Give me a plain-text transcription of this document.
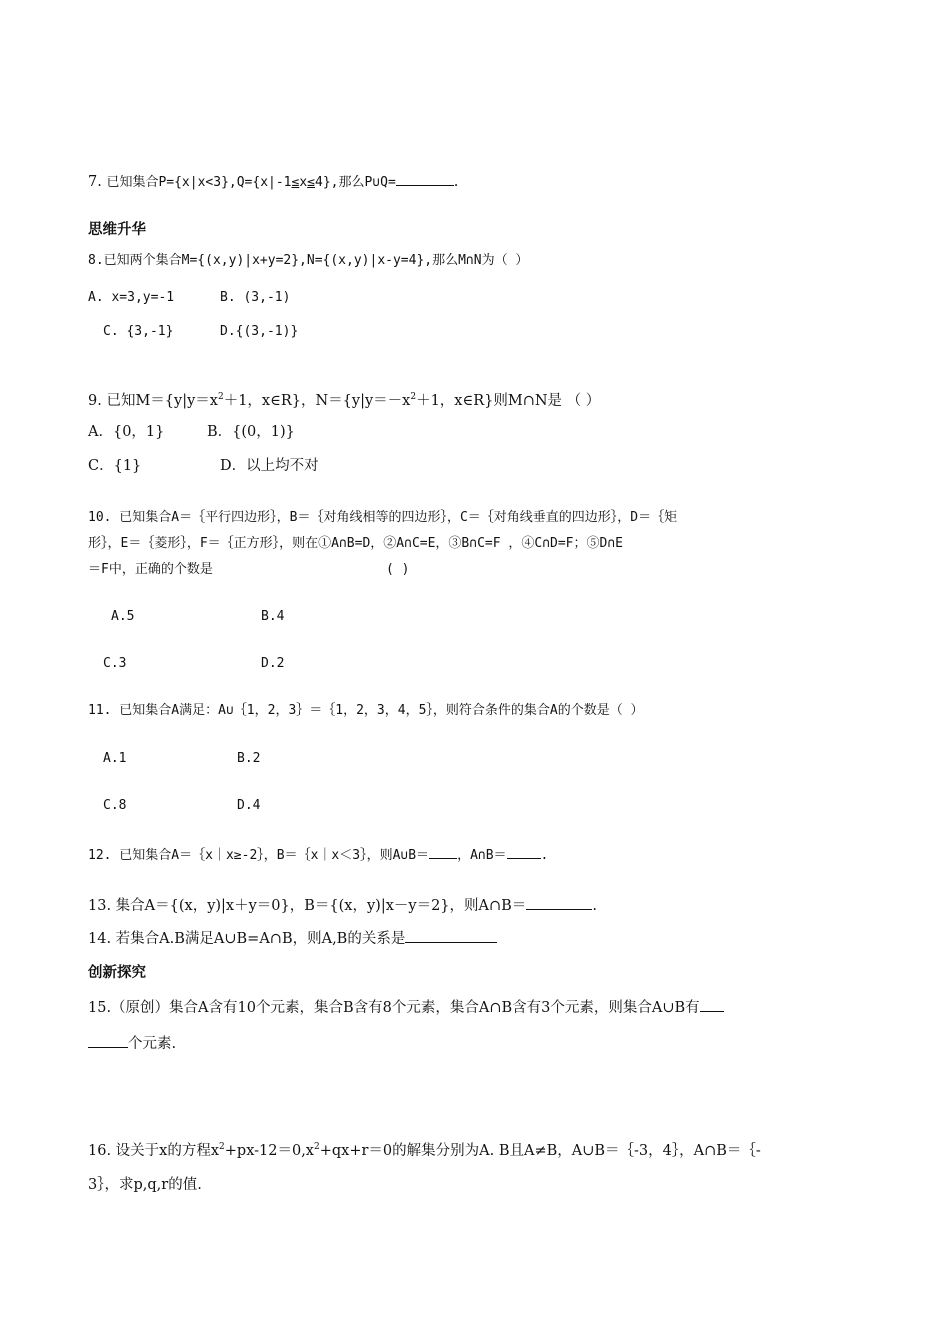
7. 已知集合P={x|x<3},Q={x|-1≤x≤4},那么P∪Q=	.
思维升华
8.已知两个集合M={(x,y)|x+y=2},N={(x,y)|x-y=4},那么M∩N为（ ）
A. x=3,y=-1	B. (3,-1)
C. {3,-1}	D.{(3,-1)}
9. 已知$M=\{y|y=x^2+1$，x∈R}，$N=\{y|y=-x^2+1$，x∈R}则M∩N是 （ ）
A．{0，1}	B．{(0，1)}
C．{1}	D．以上均不对
10. 已知集合A＝｛平行四边形｝，B＝｛对角线相等的四边形｝，C＝｛对角线垂直的四边形｝，D＝｛矩
形｝，E＝｛菱形｝，F＝｛正方形｝，则在①A∩B=D，②A∩C=E，③B∩C=F ，④C∩D=F；⑤D∩E
＝F中，正确的个数是	( )
A.5	B.4
C.3	D.2
11. 已知集合A满足：A∪｛1，2，3｝＝｛1，2，3，4，5｝，则符合条件的集合A的个数是（ ）
A.1	B.2
C.8	D.4
12. 已知集合A＝｛x｜x≥-2｝，B＝｛x｜x＜3｝，则A∪B＝ ，A∩B＝	.
13. 集合A＝{(x，y)|x＋y＝0}，B＝{(x，y)|x－y＝2}，则A∩B＝	.
14. 若集合A.B满足A∪B=A∩B，则A,B的关系是
创新探究
15.（原创）集合A含有10个元素，集合B含有8个元素，集合A∩B含有3个元素，则集合A∪B有
个元素.
16. 设关于x的方程$x^2+px-12=0,x^2+qx+r=0$的解集分别为A. B且A≠B，A∪B＝｛-3，4｝，A∩B＝｛-
3｝，求p,q,r的值.
